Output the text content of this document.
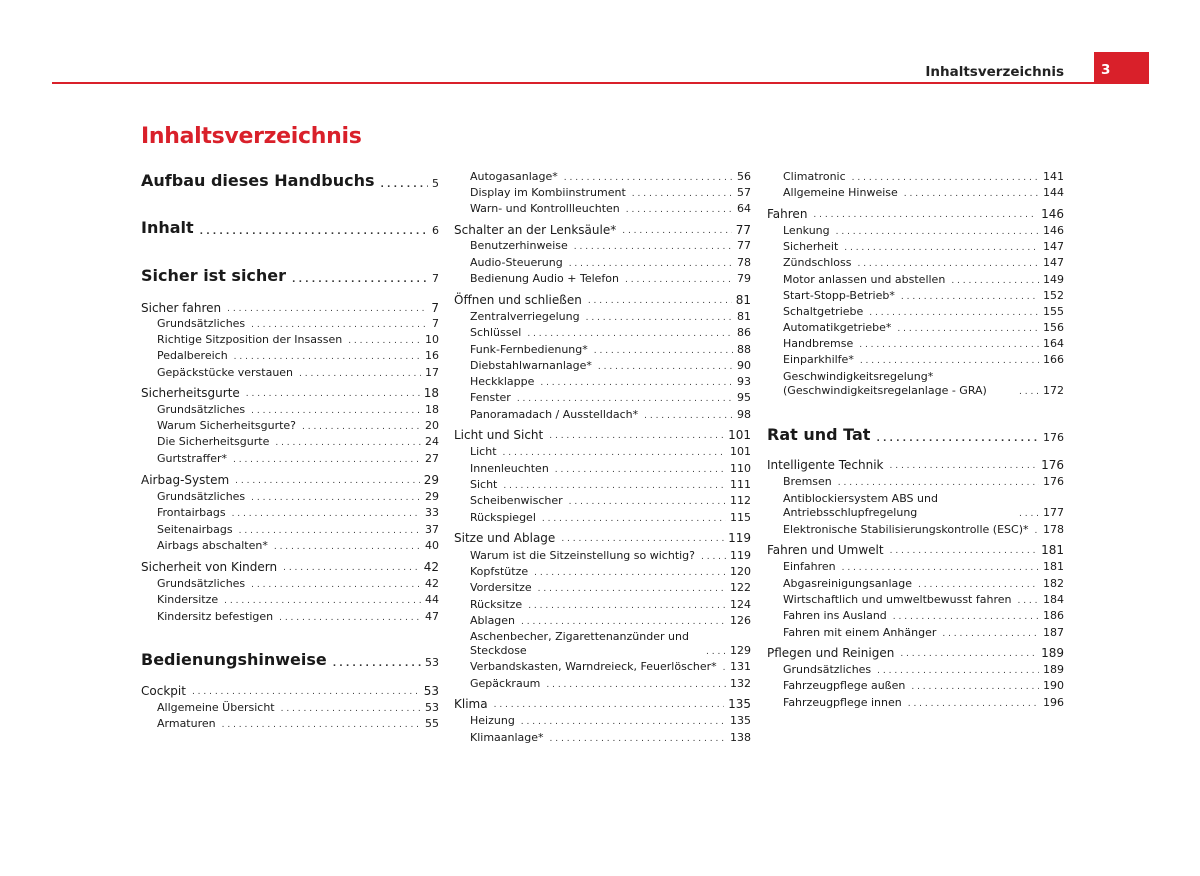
Inhaltsverzeichnis	3
Inhaltsverzeichnis
Aufbau dieses Handbuchs . . .	5
Inhalt . . .	6
Sicher ist sicher . . .	7
Sicher fahren . . .	7
Grundsätzliches . . .	7
Richtige Sitzposition der Insassen . . .	10
Pedalbereich . . .	16
Gepäckstücke verstauen . . .	17
Sicherheitsgurte . . .	18
Grundsätzliches . . .	18
Warum Sicherheitsgurte? . . .	20
Die Sicherheitsgurte . . .	24
Gurtstraffer* . . .	27
Airbag-System . . .	29
Grundsätzliches . . .	29
Frontairbags . . .	33
Seitenairbags . . .	37
Airbags abschalten* . . .	40
Sicherheit von Kindern . . .	42
Grundsätzliches . . .	42
Kindersitze . . .	44
Kindersitz befestigen . . .	47
Bedienungshinweise . . .	53
Cockpit . . .	53
Allgemeine Übersicht . . .	53
Armaturen . . .	55
Autogasanlage* . . .	56
Display im Kombiinstrument . . .	57
Warn- und Kontrollleuchten . . .	64
Schalter an der Lenksäule* . . .	77
Benutzerhinweise . . .	77
Audio-Steuerung . . .	78
Bedienung Audio + Telefon . . .	79
Öffnen und schließen . . .	81
Zentralverriegelung . . .	81
Schlüssel . . .	86
Funk-Fernbedienung* . . .	88
Diebstahlwarnanlage* . . .	90
Heckklappe . . .	93
Fenster . . .	95
Panoramadach / Ausstelldach* . . .	98
Licht und Sicht . . .	101
Licht . . .	101
Innenleuchten . . .	110
Sicht . . .	111
Scheibenwischer . . .	112
Rückspiegel . . .	115
Sitze und Ablage . . .	119
Warum ist die Sitzeinstellung so wichtig? . . .	119
Kopfstütze . . .	120
Vordersitze . . .	122
Rücksitze . . .	124
Ablagen . . .	126
Aschenbecher, Zigarettenanzünder und Steckdose . . .	129
Verbandskasten, Warndreieck, Feuerlöscher* . . . 131
Gepäckraum . . .	132
Klima . . .	135
Heizung . . .	135
Klimaanlage* . . .	138
Climatronic . . .	141
Allgemeine Hinweise . . .	144
Fahren . . .	146
Lenkung . . .	146
Sicherheit . . .	147
Zündschloss . . .	147
Motor anlassen und abstellen . . .	149
Start-Stopp-Betrieb* . . .	152
Schaltgetriebe . . .	155
Automatikgetriebe* . . .	156
Handbremse . . .	164
Einparkhilfe* . . .	166
Geschwindigkeitsregelung* (Geschwindigkeitsregelanlage - GRA) . . .	172
Rat und Tat . . .	176
Intelligente Technik . . .	176
Bremsen . . .	176
Antiblockiersystem ABS und Antriebsschlupfregelung . . .	177
Elektronische Stabilisierungskontrolle (ESC)* . . . 178
Fahren und Umwelt . . .	181
Einfahren . . .	181
Abgasreinigungsanlage . . .	182
Wirtschaftlich und umweltbewusst fahren . . .	184
Fahren ins Ausland . . .	186
Fahren mit einem Anhänger . . .	187
Pflegen und Reinigen . . .	189
Grundsätzliches . . .	189
Fahrzeugpflege außen . . .	190
Fahrzeugpflege innen . . .	196
